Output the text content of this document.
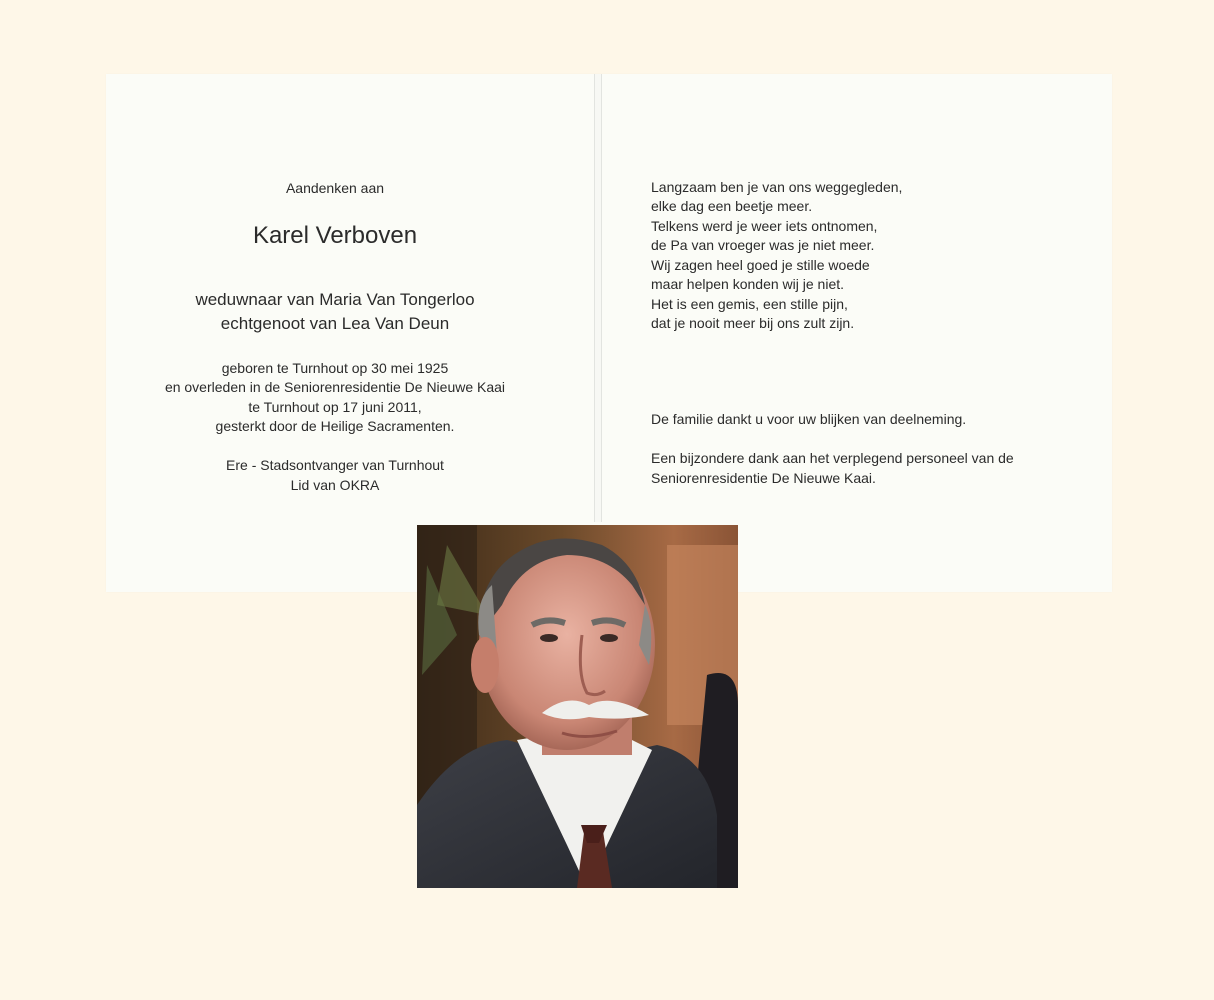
Aandenken aan
Karel Verboven
weduwnaar van Maria Van Tongerloo
echtgenoot van Lea Van Deun
geboren te Turnhout op 30 mei 1925
en overleden in de Seniorenresidentie De Nieuwe Kaai
te Turnhout op 17 juni 2011,
gesterkt door de Heilige Sacramenten.
Ere - Stadsontvanger van Turnhout
Lid van OKRA
Langzaam ben je van ons weggegleden,
elke dag een beetje meer.
Telkens werd je weer iets ontnomen,
de Pa van vroeger was je niet meer.
Wij zagen heel goed je stille woede
maar helpen konden wij je niet.
Het is een gemis, een stille pijn,
dat je nooit meer bij ons zult zijn.
De familie dankt u voor uw blijken van deelneming.
Een bijzondere dank aan het verplegend personeel van de
Seniorenresidentie De Nieuwe Kaai.
